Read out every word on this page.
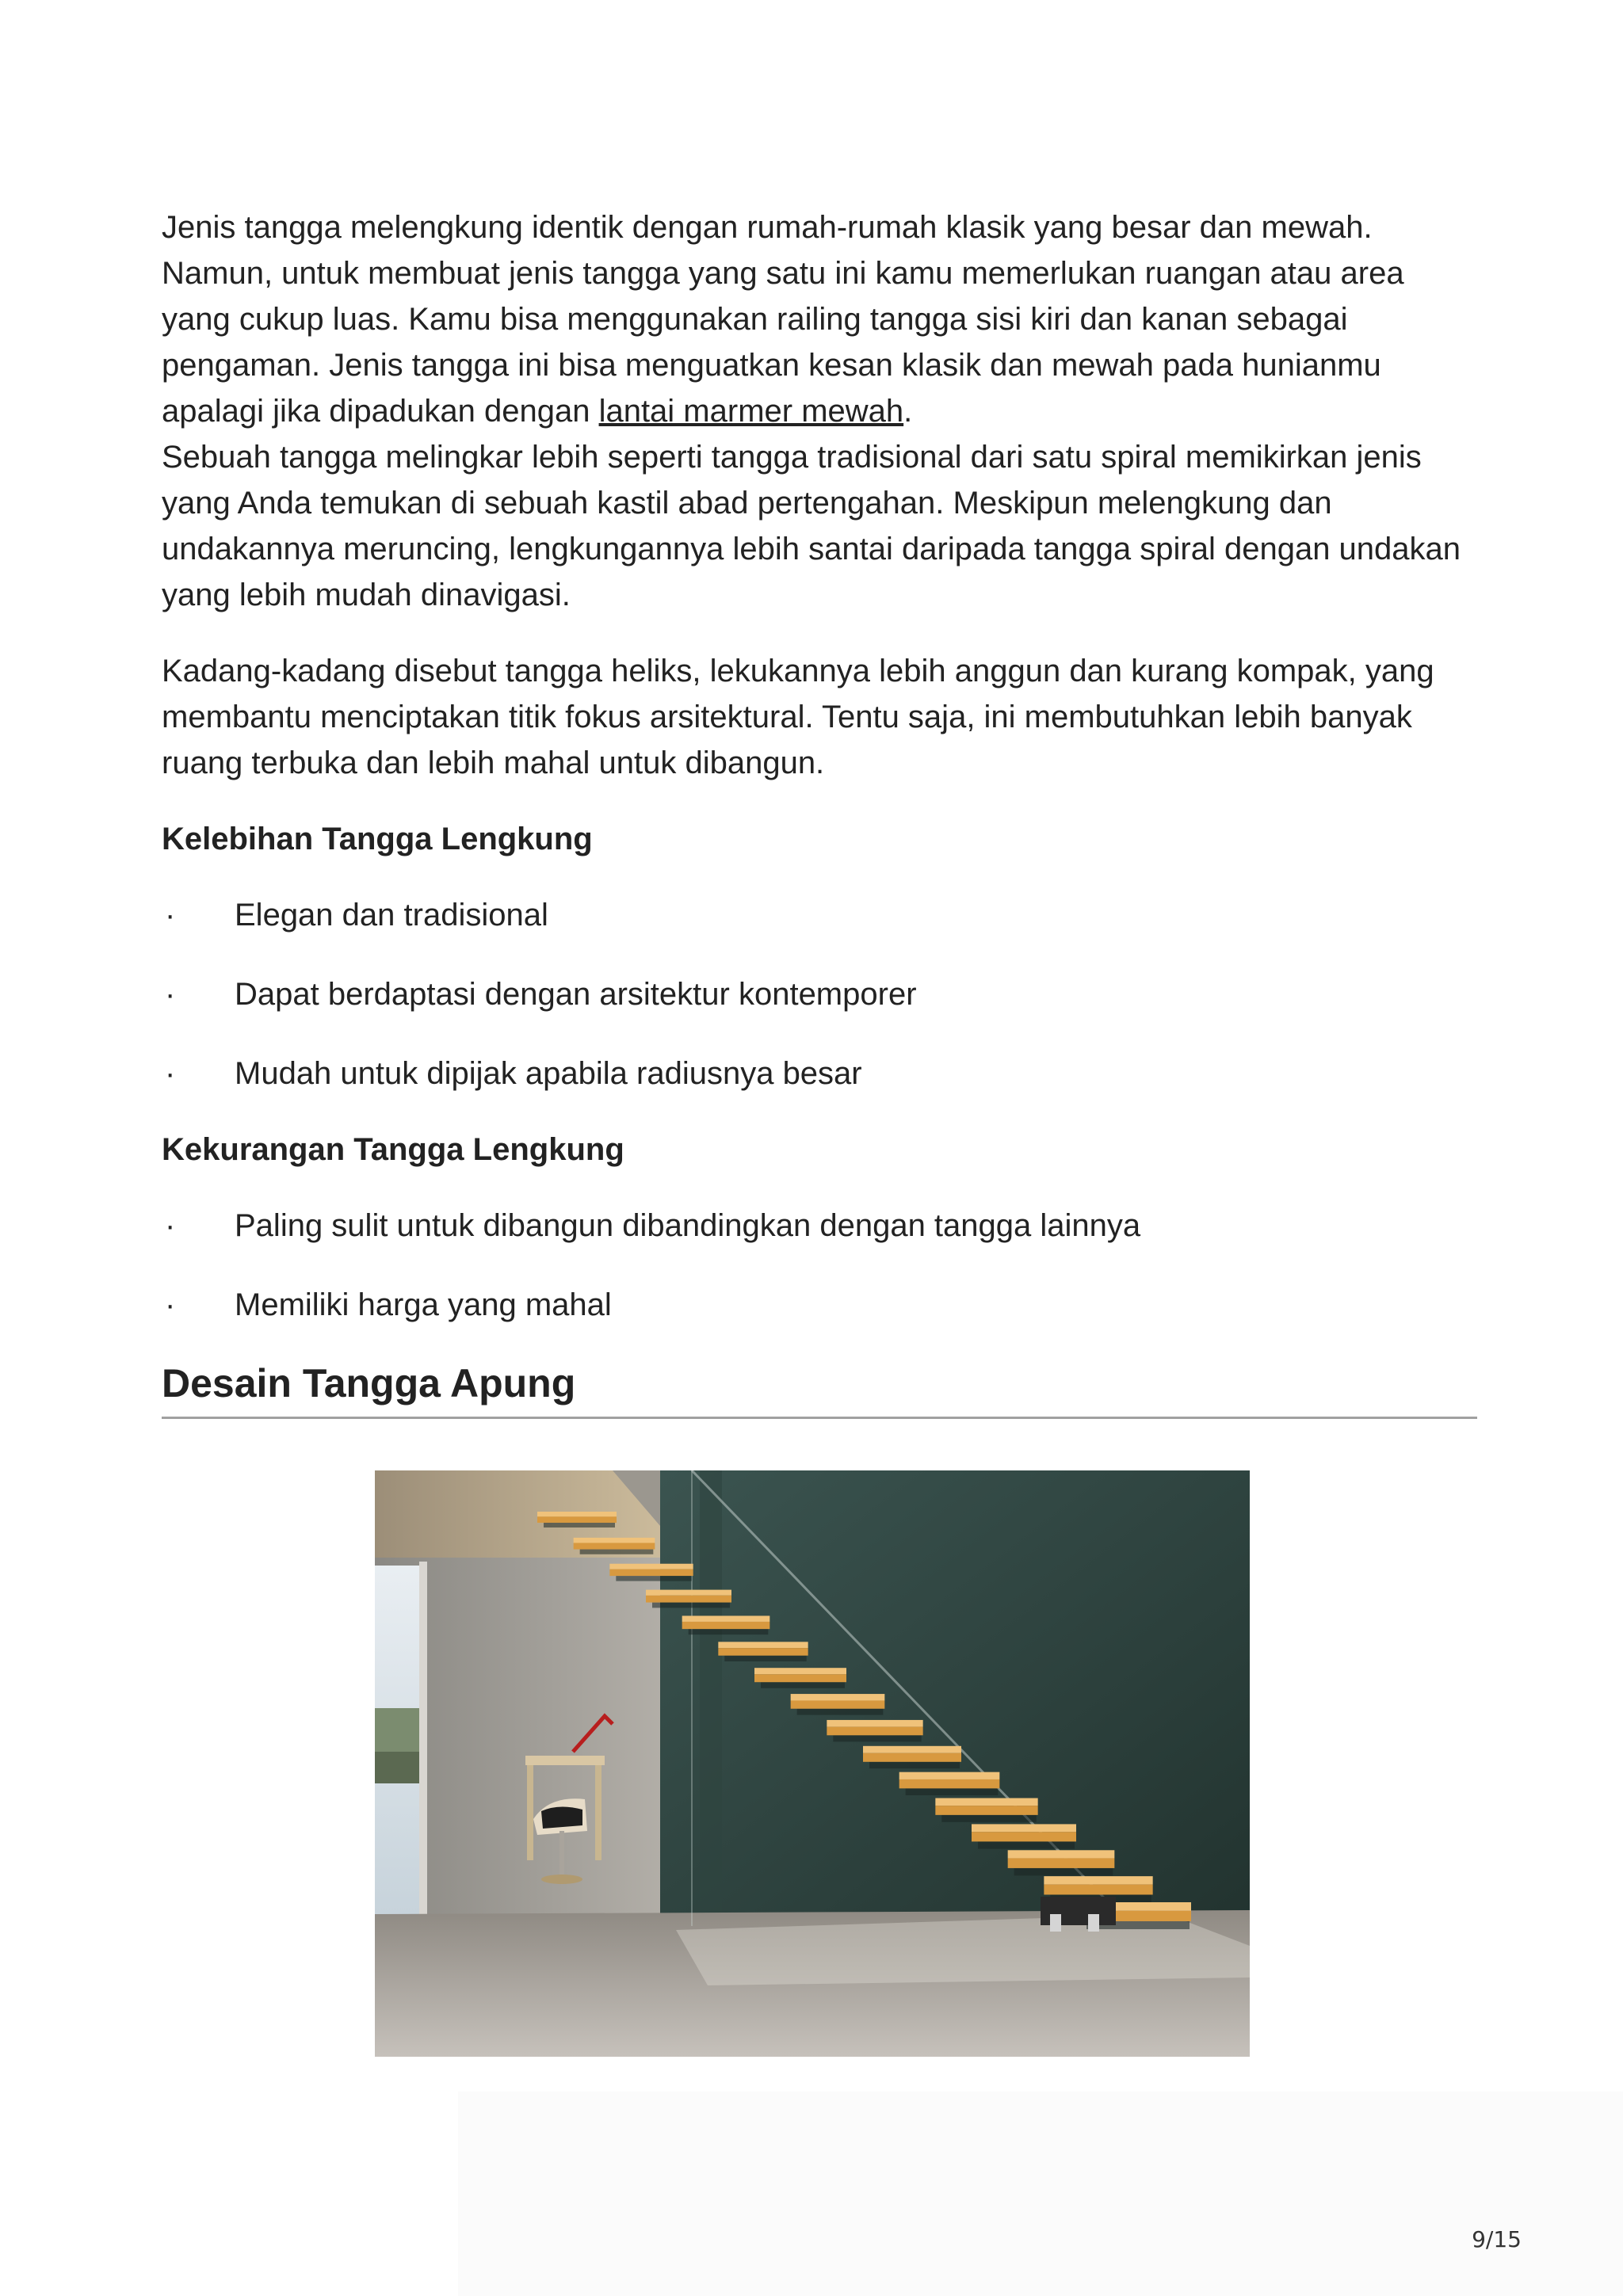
Jenis tangga melengkung identik dengan rumah-rumah klasik yang besar dan mewah. Namun, untuk membuat jenis tangga yang satu ini kamu memerlukan ruangan atau area yang cukup luas. Kamu bisa menggunakan railing tangga sisi kiri dan kanan sebagai pengaman. Jenis tangga ini bisa menguatkan kesan klasik dan mewah pada hunianmu apalagi jika dipadukan dengan lantai marmer mewah.

Sebuah tangga melingkar lebih seperti tangga tradisional dari satu spiral memikirkan jenis yang Anda temukan di sebuah kastil abad pertengahan. Meskipun melengkung dan undakannya meruncing, lengkungannya lebih santai daripada tangga spiral dengan undakan yang lebih mudah dinavigasi.

Kadang-kadang disebut tangga heliks, lekukannya lebih anggun dan kurang kompak, yang membantu menciptakan titik fokus arsitektural. Tentu saja, ini membutuhkan lebih banyak ruang terbuka dan lebih mahal untuk dibangun.

Kelebihan Tangga Lengkung
·	Elegan dan tradisional
·	Dapat berdaptasi dengan arsitektur kontemporer
·	Mudah untuk dipijak apabila radiusnya besar
Kekurangan Tangga Lengkung
·	Paling sulit untuk dibangun dibandingkan dengan tangga lainnya
·	Memiliki harga yang mahal
Desain Tangga Apung
9/15
